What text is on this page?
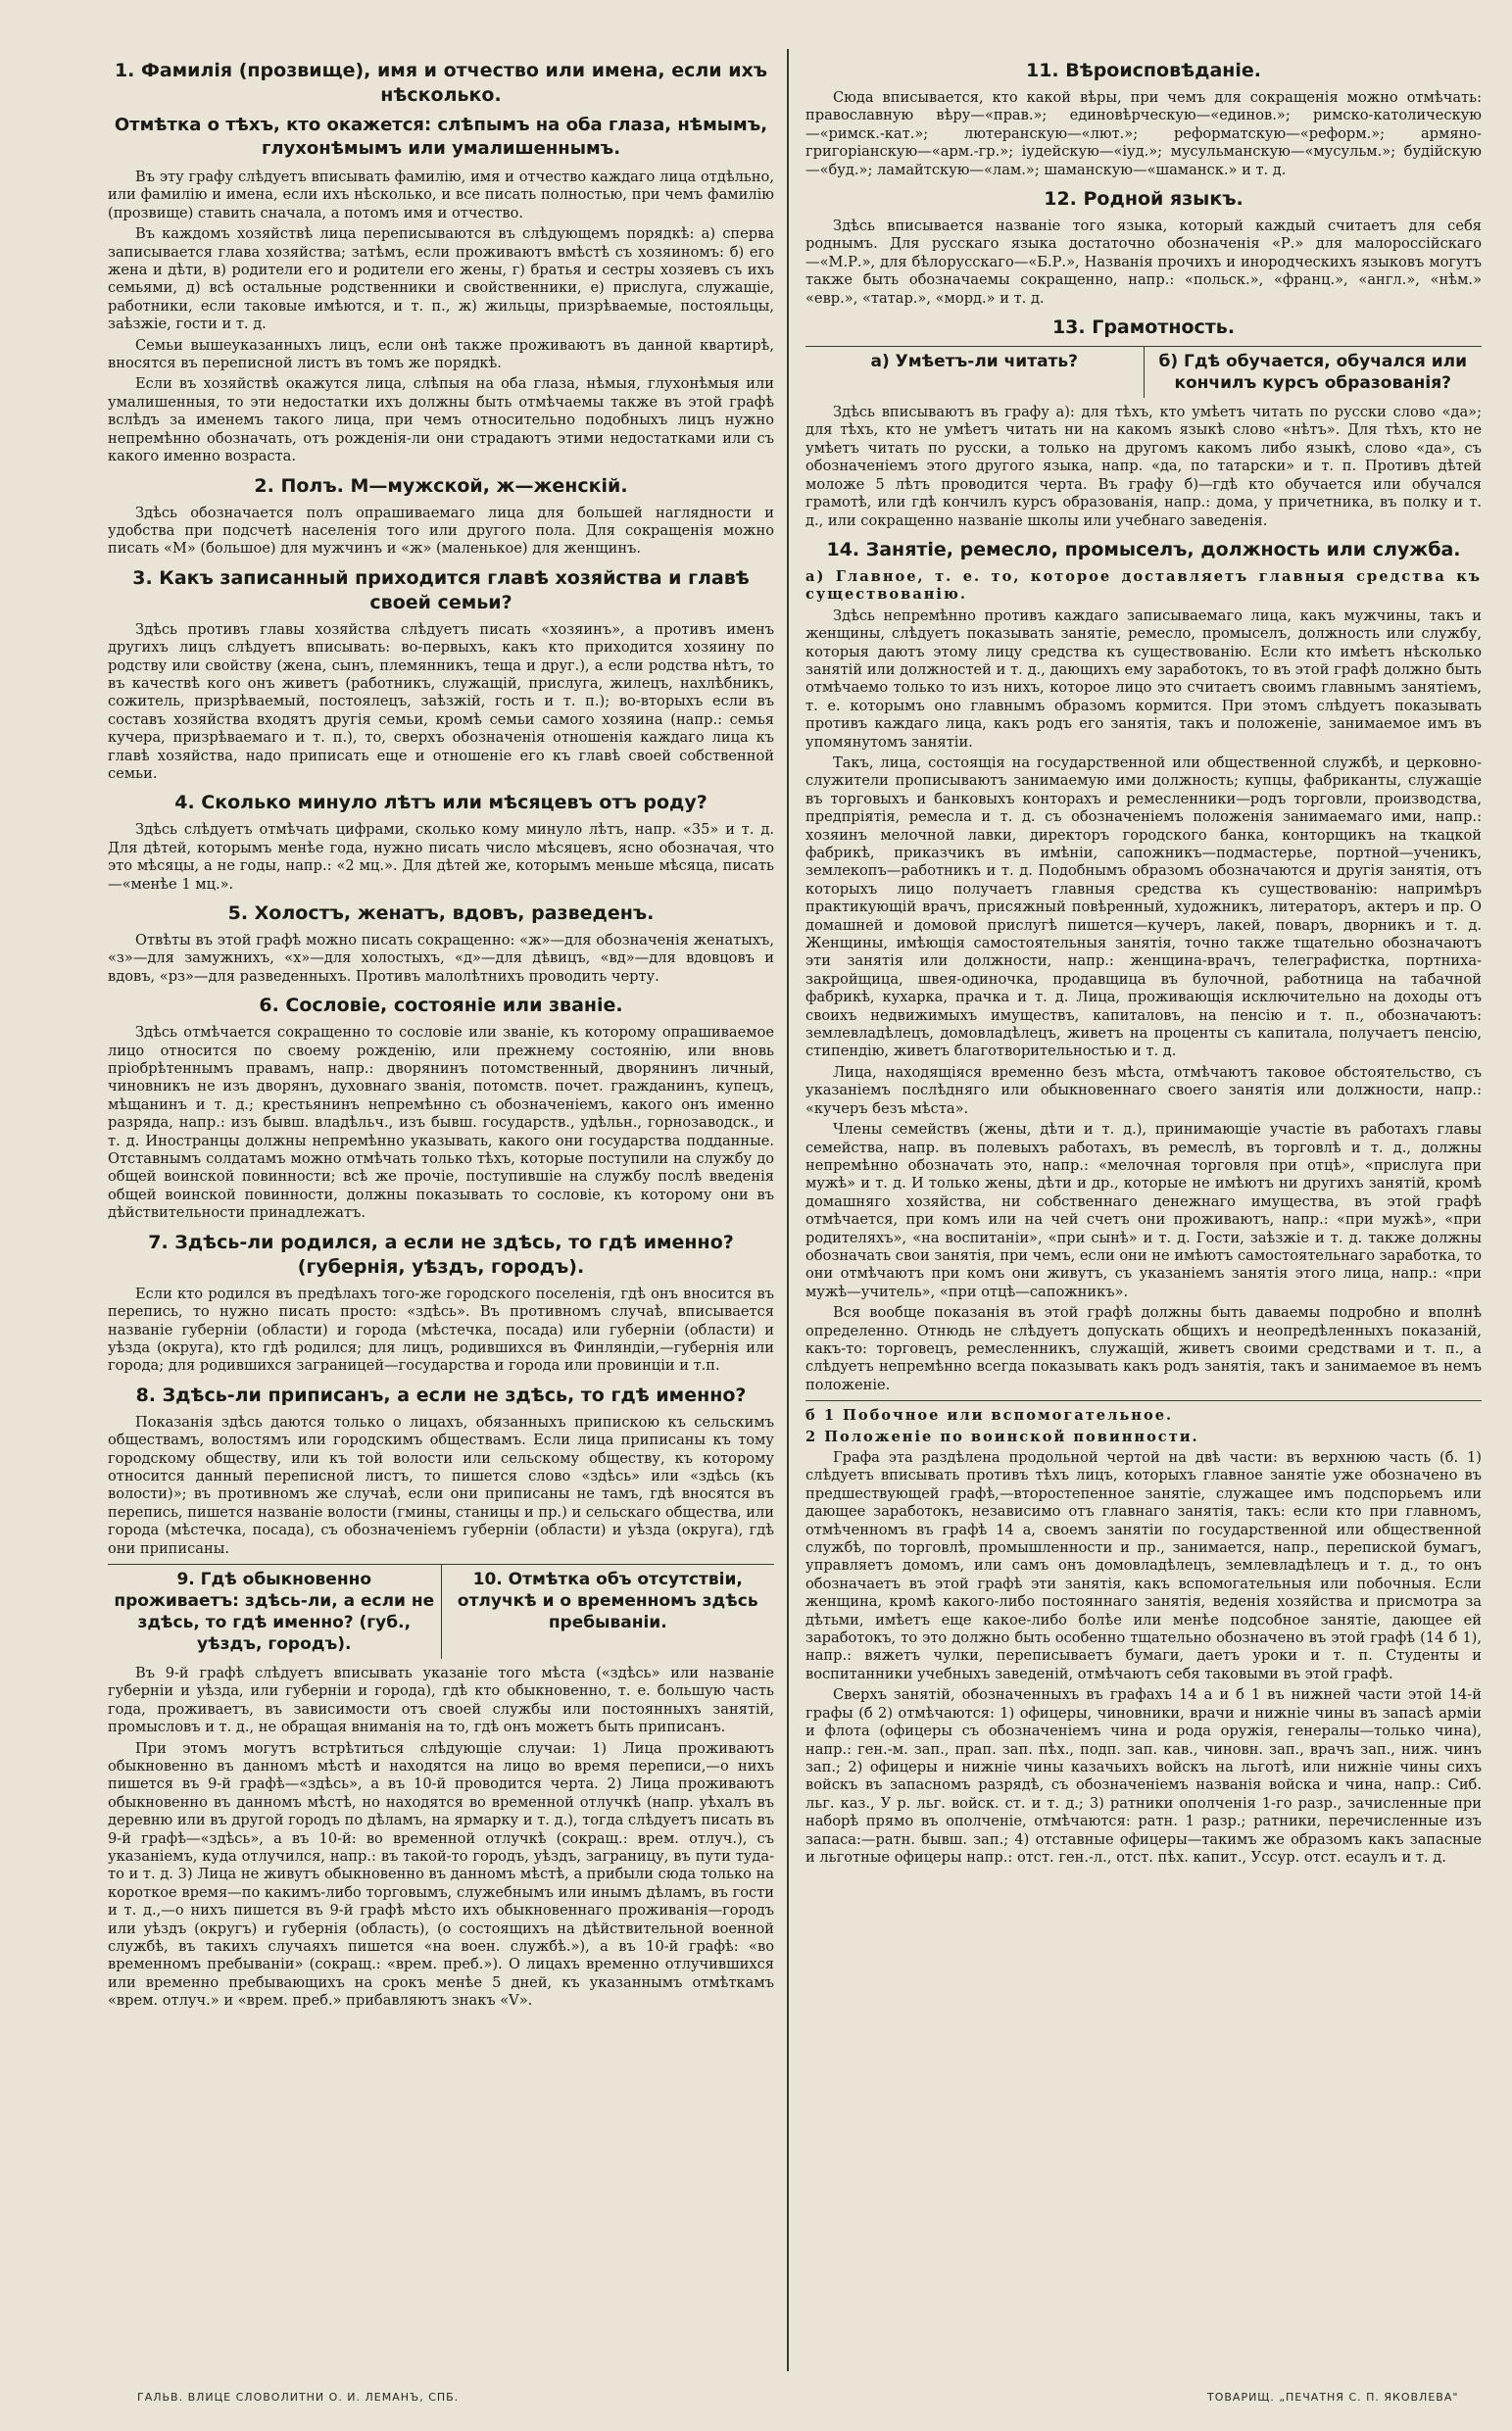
1. Фамилія (прозвище), имя и отчество или имена, если ихъ нѣсколько.
Отмѣтка о тѣхъ, кто окажется: слѣпымъ на оба глаза, нѣмымъ, глухонѣмымъ или умалишеннымъ.

Въ эту графу слѣдуетъ вписывать фамилію, имя и отчество каждаго лица отдѣльно, или фамилію и имена, если ихъ нѣсколько, и все писать полностью, при чемъ фамилію (прозвище) ставить сначала, а потомъ имя и отчество.

Въ каждомъ хозяйствѣ лица переписываются въ слѣдующемъ порядкѣ: а) сперва записывается глава хозяйства; затѣмъ, если проживаютъ вмѣстѣ съ хозяиномъ: б) его жена и дѣти, в) родители его и родители его жены, г) братья и сестры хозяевъ съ ихъ семьями, д) всѣ остальные родственники и свойственники, е) прислуга, служащіе, работники, если таковые имѣются, и т. п., ж) жильцы, призрѣваемые, постояльцы, заѣзжіе, гости и т. д.

Семьи вышеуказанныхъ лицъ, если онѣ также проживаютъ въ данной квартирѣ, вносятся въ переписной листъ въ томъ же порядкѣ.

Если въ хозяйствѣ окажутся лица, слѣпыя на оба глаза, нѣмыя, глухонѣмыя или умалишенныя, то эти недостатки ихъ должны быть отмѣчаемы также въ этой графѣ вслѣдъ за именемъ такого лица, при чемъ относительно подобныхъ лицъ нужно непремѣнно обозначать, отъ рожденія-ли они страдаютъ этими недостатками или съ какого именно возраста.

2. Полъ. М—мужской, ж—женскій.

Здѣсь обозначается полъ опрашиваемаго лица для большей наглядности и удобства при подсчетѣ населенія того или другого пола. Для сокращенія можно писать «М» (большое) для мужчинъ и «ж» (маленькое) для женщинъ.

3. Какъ записанный приходится главѣ хозяйства и главѣ своей семьи?

Здѣсь противъ главы хозяйства слѣдуетъ писать «хозяинъ», а противъ именъ другихъ лицъ слѣдуетъ вписывать: во-первыхъ, какъ кто приходится хозяину по родству или свойству (жена, сынъ, племянникъ, теща и друг.), а если родства нѣтъ, то въ качествѣ кого онъ живетъ (работникъ, служащій, прислуга, жилецъ, нахлѣбникъ, сожитель, призрѣваемый, постоялецъ, заѣзжій, гость и т. п.); во-вторыхъ если въ составъ хозяйства входятъ другія семьи, кромѣ семьи самого хозяина (напр.: семья кучера, призрѣваемаго и т. п.), то, сверхъ обозначенія отношенія каждаго лица къ главѣ хозяйства, надо приписать еще и отношеніе его къ главѣ своей собственной семьи.

4. Сколько минуло лѣтъ или мѣсяцевъ отъ роду?

Здѣсь слѣдуетъ отмѣчать цифрами, сколько кому минуло лѣтъ, напр. «35» и т. д. Для дѣтей, которымъ менѣе года, нужно писать число мѣсяцевъ, ясно обозначая, что это мѣсяцы, а не годы, напр.: «2 мц.». Для дѣтей же, которымъ меньше мѣсяца, писать—«менѣе 1 мц.».

5. Холостъ, женатъ, вдовъ, разведенъ.

Отвѣты въ этой графѣ можно писать сокращенно: «ж»—для обозначенія женатыхъ, «з»—для замужнихъ, «х»—для холостыхъ, «д»—для дѣвицъ, «вд»—для вдовцовъ и вдовъ, «рз»—для разведенныхъ. Противъ малолѣтнихъ проводить черту.

6. Сословіе, состояніе или званіе.

Здѣсь отмѣчается сокращенно то сословіе или званіе, къ которому опрашиваемое лицо относится по своему рожденію, или прежнему состоянію, или вновь пріобрѣтеннымъ правамъ, напр.: дворянинъ потомственный, дворянинъ личный, чиновникъ не изъ дворянъ, духовнаго званія, потомств. почет. гражданинъ, купецъ, мѣщанинъ и т. д.; крестьянинъ непремѣнно съ обозначеніемъ, какого онъ именно разряда, напр.: изъ бывш. владѣльч., изъ бывш. государств., удѣльн., горнозаводск., и т. д. Иностранцы должны непремѣнно указывать, какого они государства подданные. Отставнымъ солдатамъ можно отмѣчать только тѣхъ, которые поступили на службу до общей воинской повинности; всѣ же прочіе, поступившіе на службу послѣ введенія общей воинской повинности, должны показывать то сословіе, къ которому они въ дѣйствительности принадлежатъ.

7. Здѣсь-ли родился, а если не здѣсь, то гдѣ именно? (губернія, уѣздъ, городъ).

Если кто родился въ предѣлахъ того-же городского поселенія, гдѣ онъ вносится въ перепись, то нужно писать просто: «здѣсь». Въ противномъ случаѣ, вписывается названіе губерніи (области) и города (мѣстечка, посада) или губерніи (области) и уѣзда (округа), кто гдѣ родился; для лицъ, родившихся въ Финляндіи,—губернія или города; для родившихся заграницей—государства и города или провинціи и т.п.

8. Здѣсь-ли приписанъ, а если не здѣсь, то гдѣ именно?

Показанія здѣсь даются только о лицахъ, обязанныхъ припискою къ сельскимъ обществамъ, волостямъ или городскимъ обществамъ. Если лица приписаны къ тому городскому обществу, или къ той волости или сельскому обществу, къ которому относится данный переписной листъ, то пишется слово «здѣсь» или «здѣсь (къ волости)»; въ противномъ же случаѣ, если они приписаны не тамъ, гдѣ вносятся въ перепись, пишется названіе волости (гмины, станицы и пр.) и сельскаго общества, или города (мѣстечка, посада), съ обозначеніемъ губерніи (области) и уѣзда (округа), гдѣ они приписаны.

9. Гдѣ обыкновенно проживаетъ: здѣсь-ли, а если не здѣсь, то гдѣ именно? (губ., уѣздъ, городъ).
10. Отмѣтка объ отсутствіи, отлучкѣ и о временномъ здѣсь пребываніи.

Въ 9-й графѣ слѣдуетъ вписывать указаніе того мѣста («здѣсь» или названіе губерніи и уѣзда, или губерніи и города), гдѣ кто обыкновенно, т. е. большую часть года, проживаетъ, въ зависимости отъ своей службы или постоянныхъ занятій, промысловъ и т. д., не обращая вниманія на то, гдѣ онъ можетъ быть приписанъ.

При этомъ могутъ встрѣтиться слѣдующіе случаи: 1) Лица проживаютъ обыкновенно въ данномъ мѣстѣ и находятся на лицо во время переписи,—о нихъ пишется въ 9-й графѣ—«здѣсь», а въ 10-й проводится черта. 2) Лица проживаютъ обыкновенно въ данномъ мѣстѣ, но находятся во временной отлучкѣ (напр. уѣхалъ въ деревню или въ другой городъ по дѣламъ, на ярмарку и т. д.), тогда слѣдуетъ писать въ 9-й графѣ—«здѣсь», а въ 10-й: во временной отлучкѣ (сокращ.: врем. отлуч.), съ указаніемъ, куда отлучился, напр.: въ такой-то городъ, уѣздъ, заграницу, въ пути туда-то и т. д. 3) Лица не живутъ обыкновенно въ данномъ мѣстѣ, а прибыли сюда только на короткое время—по какимъ-либо торговымъ, служебнымъ или инымъ дѣламъ, въ гости и т. д.,—о нихъ пишется въ 9-й графѣ мѣсто ихъ обыкновеннаго проживанія—городъ или уѣздъ (округъ) и губернія (область), (о состоящихъ на дѣйствительной военной службѣ, въ такихъ случаяхъ пишется «на воен. службѣ.»), а въ 10-й графѣ: «во временномъ пребываніи» (сокращ.: «врем. преб.»). О лицахъ временно отлучившихся или временно пребывающихъ на срокъ менѣе 5 дней, къ указаннымъ отмѣткамъ «врем. отлуч.» и «врем. преб.» прибавляютъ знакъ «V».

11. Вѣроисповѣданіе.

Сюда вписывается, кто какой вѣры, при чемъ для сокращенія можно отмѣчать: православную вѣру—«прав.»; единовѣрческую—«единов.»; римско-католическую—«римск.-кат.»; лютеранскую—«лют.»; реформатскую—«реформ.»; армяно-григоріанскую—«арм.-гр.»; іудейскую—«іуд.»; мусульманскую—«мусульм.»; будійскую—«буд.»; ламайтскую—«лам.»; шаманскую—«шаманск.» и т. д.

12. Родной языкъ.

Здѣсь вписывается названіе того языка, который каждый считаетъ для себя роднымъ. Для русскаго языка достаточно обозначенія «Р.» для малороссійскаго—«М.Р.», для бѣлорусскаго—«Б.Р.», Названія прочихъ и инородческихъ языковъ могутъ также быть обозначаемы сокращенно, напр.: «польск.», «франц.», «англ.», «нѣм.» «евр.», «татар.», «морд.» и т. д.

13. Грамотность.
а) Умѣетъ-ли читать?	б) Гдѣ обучается, обучался или кончилъ курсъ образованія?

Здѣсь вписываютъ въ графу а): для тѣхъ, кто умѣетъ читать по русски слово «да»; для тѣхъ, кто не умѣетъ читать ни на какомъ языкѣ слово «нѣтъ». Для тѣхъ, кто не умѣетъ читать по русски, а только на другомъ какомъ либо языкѣ, слово «да», съ обозначеніемъ этого другого языка, напр. «да, по татарски» и т. п. Противъ дѣтей моложе 5 лѣтъ проводится черта. Въ графу б)—гдѣ кто обучается или обучался грамотѣ, или гдѣ кончилъ курсъ образованія, напр.: дома, у причетника, въ полку и т. д., или сокращенно названіе школы или учебнаго заведенія.

14. Занятіе, ремесло, промыселъ, должность или служба.

а) Главное, т. е. то, которое доставляетъ главныя средства къ существованію.

Здѣсь непремѣнно противъ каждаго записываемаго лица, какъ мужчины, такъ и женщины, слѣдуетъ показывать занятіе, ремесло, промыселъ, должность или службу, которыя даютъ этому лицу средства къ существованію. Если кто имѣетъ нѣсколько занятій или должностей и т. д., дающихъ ему заработокъ, то въ этой графѣ должно быть отмѣчаемо только то изъ нихъ, которое лицо это считаетъ своимъ главнымъ занятіемъ, т. е. которымъ оно главнымъ образомъ кормится. При этомъ слѣдуетъ показывать противъ каждаго лица, какъ родъ его занятія, такъ и положеніе, занимаемое имъ въ упомянутомъ занятіи.

Такъ, лица, состоящія на государственной или общественной службѣ, и церковно-служители прописываютъ занимаемую ими должность; купцы, фабриканты, служащіе въ торговыхъ и банковыхъ конторахъ и ремесленники—родъ торговли, производства, предпріятія, ремесла и т. д. съ обозначеніемъ положенія занимаемаго ими, напр.: хозяинъ мелочной лавки, директоръ городского банка, конторщикъ на ткацкой фабрикѣ, приказчикъ въ имѣніи, сапожникъ—подмастерье, портной—ученикъ, землекопъ—работникъ и т. д. Подобнымъ образомъ обозначаются и другія занятія, отъ которыхъ лицо получаетъ главныя средства къ существованію: напримѣръ практикующій врачъ, присяжный повѣренный, художникъ, литераторъ, актеръ и пр. О домашней и домовой прислугѣ пишется—кучеръ, лакей, поваръ, дворникъ и т. д. Женщины, имѣющія самостоятельныя занятія, точно также тщательно обозначаютъ эти занятія или должности, напр.: женщина-врачъ, телеграфистка, портниха-закройщица, швея-одиночка, продавщица въ булочной, работница на табачной фабрикѣ, кухарка, прачка и т. д. Лица, проживающія исключительно на доходы отъ своихъ недвижимыхъ имуществъ, капиталовъ, на пенсію и т. п., обозначаютъ: землевладѣлецъ, домовладѣлецъ, живетъ на проценты съ капитала, получаетъ пенсію, стипендію, живетъ благотворительностью и т. д.

Лица, находящіяся временно безъ мѣста, отмѣчаютъ таковое обстоятельство, съ указаніемъ послѣдняго или обыкновеннаго своего занятія или должности, напр.: «кучеръ безъ мѣста».

Члены семействъ (жены, дѣти и т. д.), принимающіе участіе въ работахъ главы семейства, напр. въ полевыхъ работахъ, въ ремеслѣ, въ торговлѣ и т. д., должны непремѣнно обозначать это, напр.: «мелочная торговля при отцѣ», «прислуга при мужѣ» и т. д. И только жены, дѣти и др., которые не имѣютъ ни другихъ занятій, кромѣ домашняго хозяйства, ни собственнаго денежнаго имущества, въ этой графѣ отмѣчается, при комъ или на чей счетъ они проживаютъ, напр.: «при мужѣ», «при родителяхъ», «на воспитаніи», «при сынѣ» и т. д. Гости, заѣзжіе и т. д. также должны обозначать свои занятія, при чемъ, если они не имѣютъ самостоятельнаго заработка, то они отмѣчаютъ при комъ они живутъ, съ указаніемъ занятія этого лица, напр.: «при мужѣ—учитель», «при отцѣ—сапожникъ».

Вся вообще показанія въ этой графѣ должны быть даваемы подробно и вполнѣ определенно. Отнюдь не слѣдуетъ допускать общихъ и неопредѣленныхъ показаній, какъ-то: торговецъ, ремесленникъ, служащій, живетъ своими средствами и т. п., а слѣдуетъ непремѣнно всегда показывать какъ родъ занятія, такъ и занимаемое въ немъ положеніе.

б 1 Побочное или вспомогательное.

2 Положеніе по воинской повинности.

Графа эта раздѣлена продольной чертой на двѣ части: въ верхнюю часть (б. 1) слѣдуетъ вписывать противъ тѣхъ лицъ, которыхъ главное занятіе уже обозначено въ предшествующей графѣ,—второстепенное занятіе, служащее имъ подспорьемъ или дающее заработокъ, независимо отъ главнаго занятія, такъ: если кто при главномъ, отмѣченномъ въ графѣ 14 а, своемъ занятіи по государственной или общественной службѣ, по торговлѣ, промышленности и пр., занимается, напр., перепиской бумагъ, управляетъ домомъ, или самъ онъ домовладѣлецъ, землевладѣлецъ и т. д., то онъ обозначаетъ въ этой графѣ эти занятія, какъ вспомогательныя или побочныя. Если женщина, кромѣ какого-либо постояннаго занятія, веденія хозяйства и присмотра за дѣтьми, имѣетъ еще какое-либо болѣе или менѣе подсобное занятіе, дающее ей заработокъ, то это должно быть особенно тщательно обозначено въ этой графѣ (14 б 1), напр.: вяжетъ чулки, переписываетъ бумаги, даетъ уроки и т. п. Студенты и воспитанники учебныхъ заведеній, отмѣчаютъ себя таковыми въ этой графѣ.

Сверхъ занятій, обозначенныхъ въ графахъ 14 а и б 1 въ нижней части этой 14-й графы (б 2) отмѣчаются: 1) офицеры, чиновники, врачи и нижніе чины въ запасѣ арміи и флота (офицеры съ обозначеніемъ чина и рода оружія, генералы—только чина), напр.: ген.-м. зап., прап. зап. пѣх., подп. зап. кав., чиновн. зап., врачъ зап., ниж. чинъ зап.; 2) офицеры и нижніе чины казачьихъ войскъ на льготѣ, или нижніе чины сихъ войскъ въ запасномъ разрядѣ, съ обозначеніемъ названія войска и чина, напр.: Сиб. льг. каз., У р. льг. войск. ст. и т. д.; 3) ратники ополченія 1-го разр., зачисленные при наборѣ прямо въ ополченіе, отмѣчаются: ратн. 1 разр.; ратники, перечисленные изъ запаса:—ратн. бывш. зап.; 4) отставные офицеры—такимъ же образомъ какъ запасные и льготные офицеры напр.: отст. ген.-л., отст. пѣх. капит., Уссур. отст. есаулъ и т. д.

ГАЛЬВ. ВЛИЦЕ СЛОВОЛИТНИ О. И. ЛЕМАНЪ, СПБ.	ТОВАРИЩ. „ПЕЧАТНЯ С. П. ЯКОВЛЕВА"
